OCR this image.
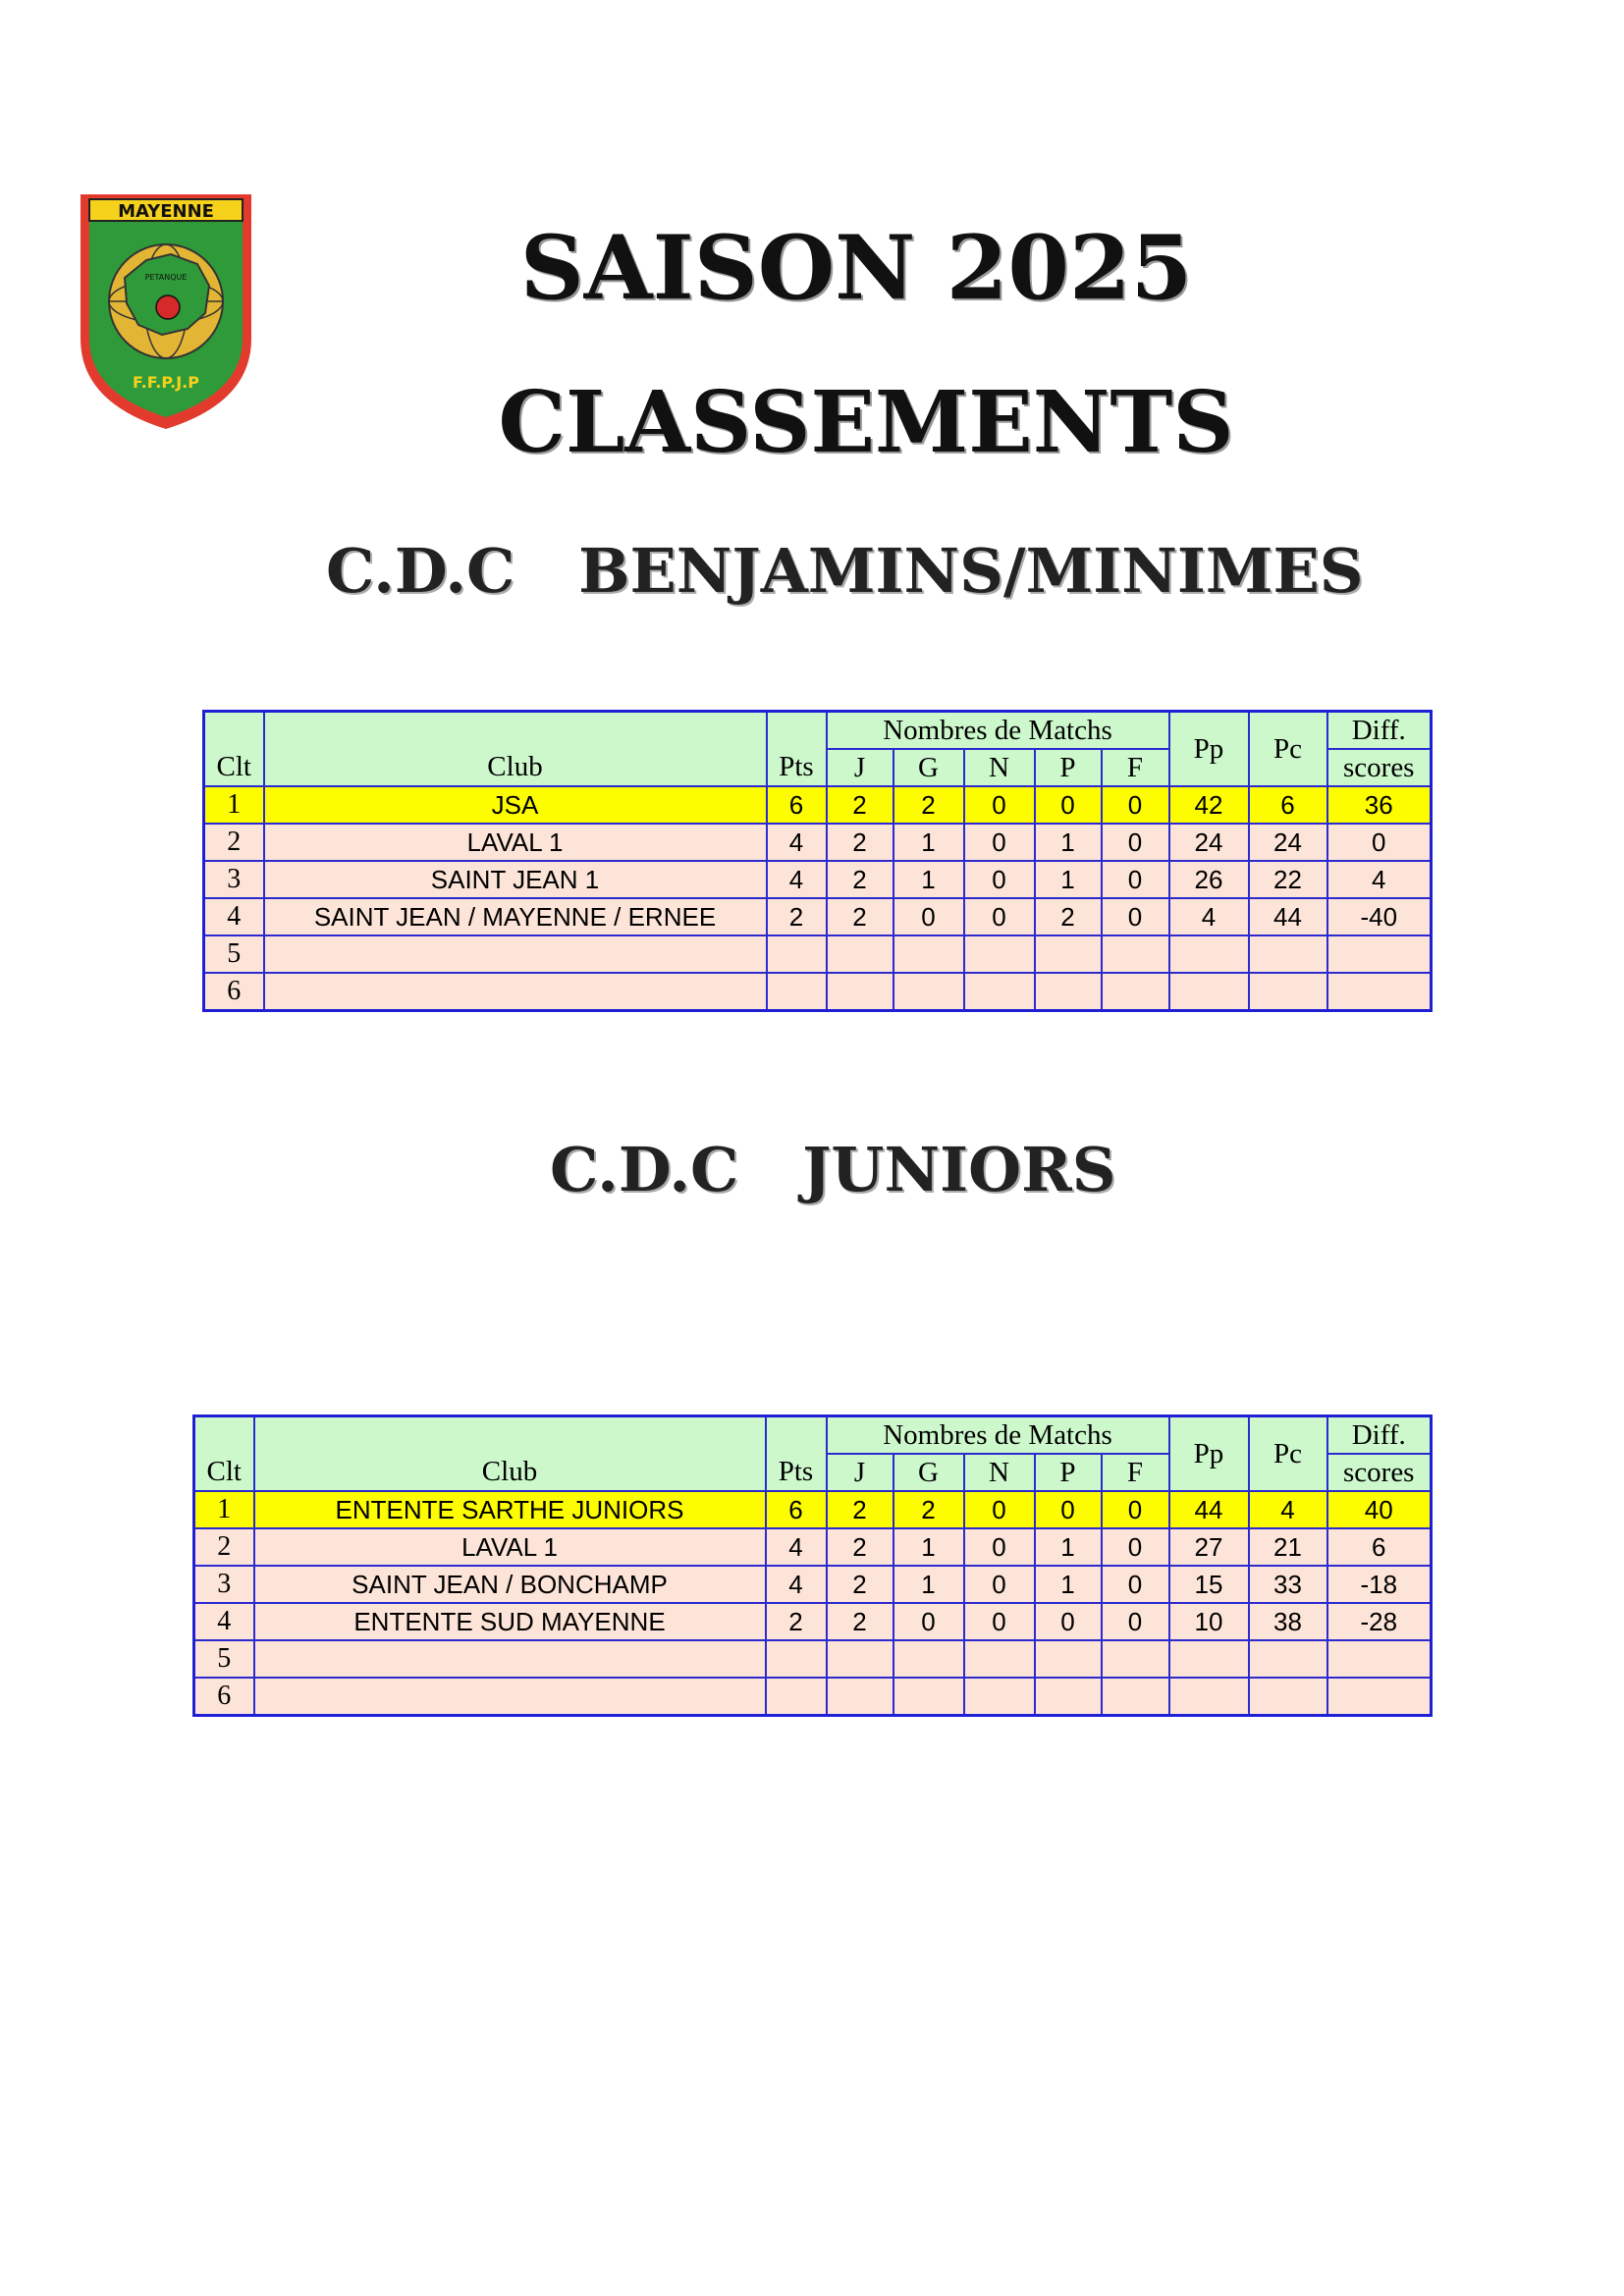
MAYENNE
PETANQUE
F.F.P.J.P
SAISON 2025
CLASSEMENTS
C.D.C   BENJAMINS/MINIMES
C.D.C   JUNIORS
Clt	Club	Pts	Nombres de Matchs					Pp	Pc	Diff.
			J	G	N	P	F			scores
1	JSA	6	2	2	0	0	0	42	6	36
2	LAVAL 1	4	2	1	0	1	0	24	24	0
3	SAINT JEAN 1	4	2	1	0	1	0	26	22	4
4	SAINT JEAN / MAYENNE / ERNEE	2	2	0	0	2	0	4	44	-40
5										
6										
Clt	Club	Pts	Nombres de Matchs					Pp	Pc	Diff.
			J	G	N	P	F			scores
1	ENTENTE SARTHE JUNIORS	6	2	2	0	0	0	44	4	40
2	LAVAL 1	4	2	1	0	1	0	27	21	6
3	SAINT JEAN / BONCHAMP	4	2	1	0	1	0	15	33	-18
4	ENTENTE SUD MAYENNE	2	2	0	0	0	0	10	38	-28
5										
6										
